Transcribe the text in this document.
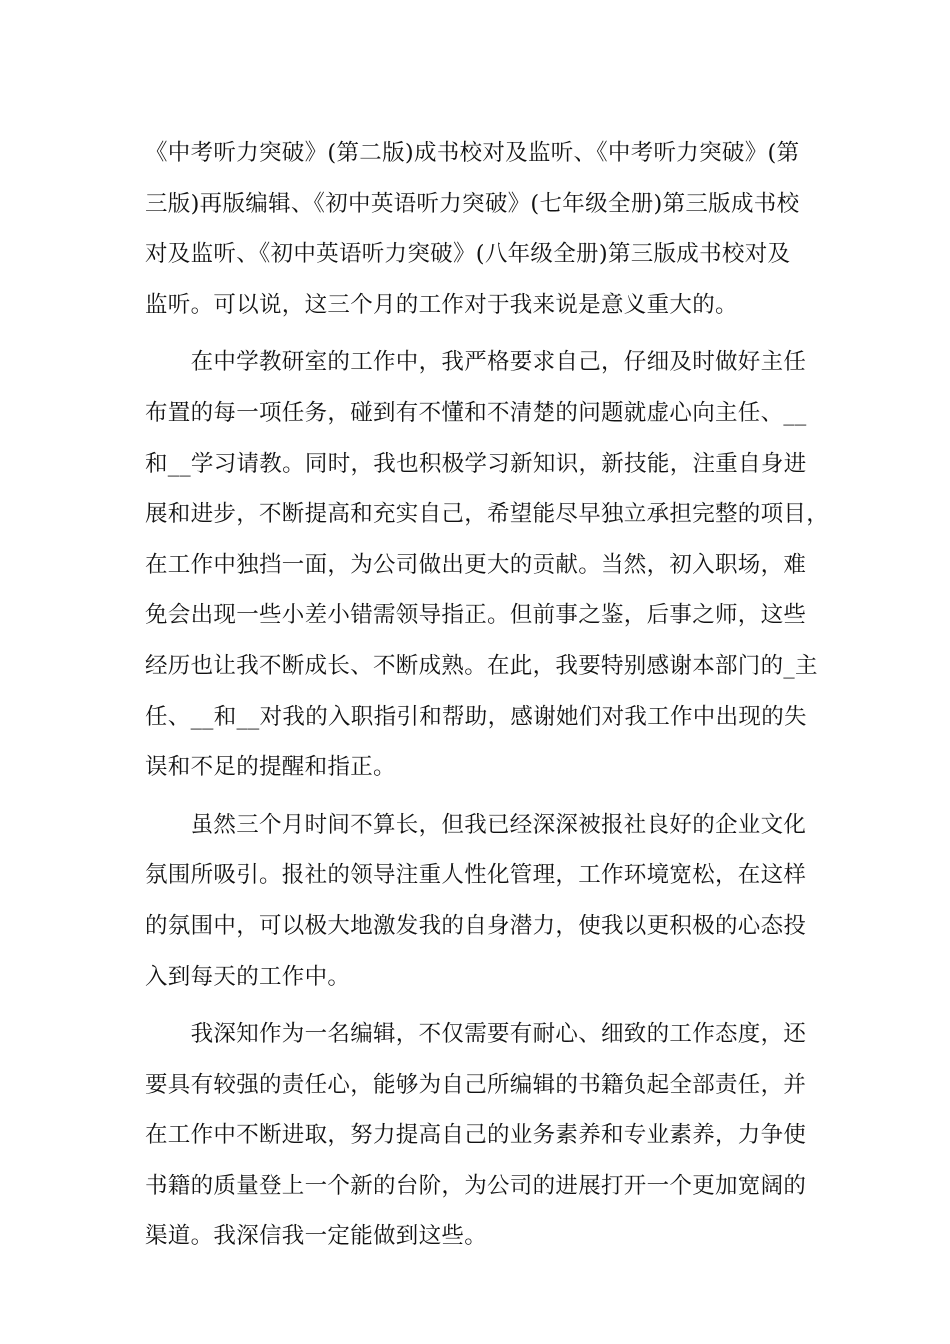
《中考听力突破》(第二版)成书校对及监听、《中考听力突破》(第
三版)再版编辑、《初中英语听力突破》(七年级全册)第三版成书校
对及监听、《初中英语听力突破》(八年级全册)第三版成书校对及
监听。可以说，这三个月的工作对于我来说是意义重大的。
　　在中学教研室的工作中，我严格要求自己，仔细及时做好主任
布置的每一项任务，碰到有不懂和不清楚的问题就虚心向主任、__
和__学习请教。同时，我也积极学习新知识，新技能，注重自身进
展和进步，不断提高和充实自己，希望能尽早独立承担完整的项目，
在工作中独挡一面，为公司做出更大的贡献。当然，初入职场，难
免会出现一些小差小错需领导指正。但前事之鉴，后事之师，这些
经历也让我不断成长、不断成熟。在此，我要特别感谢本部门的_主
任、__和__对我的入职指引和帮助，感谢她们对我工作中出现的失
误和不足的提醒和指正。
　　虽然三个月时间不算长，但我已经深深被报社良好的企业文化
氛围所吸引。报社的领导注重人性化管理，工作环境宽松，在这样
的氛围中，可以极大地激发我的自身潜力，使我以更积极的心态投
入到每天的工作中。
　　我深知作为一名编辑，不仅需要有耐心、细致的工作态度，还
要具有较强的责任心，能够为自己所编辑的书籍负起全部责任，并
在工作中不断进取，努力提高自己的业务素养和专业素养，力争使
书籍的质量登上一个新的台阶，为公司的进展打开一个更加宽阔的
渠道。我深信我一定能做到这些。
